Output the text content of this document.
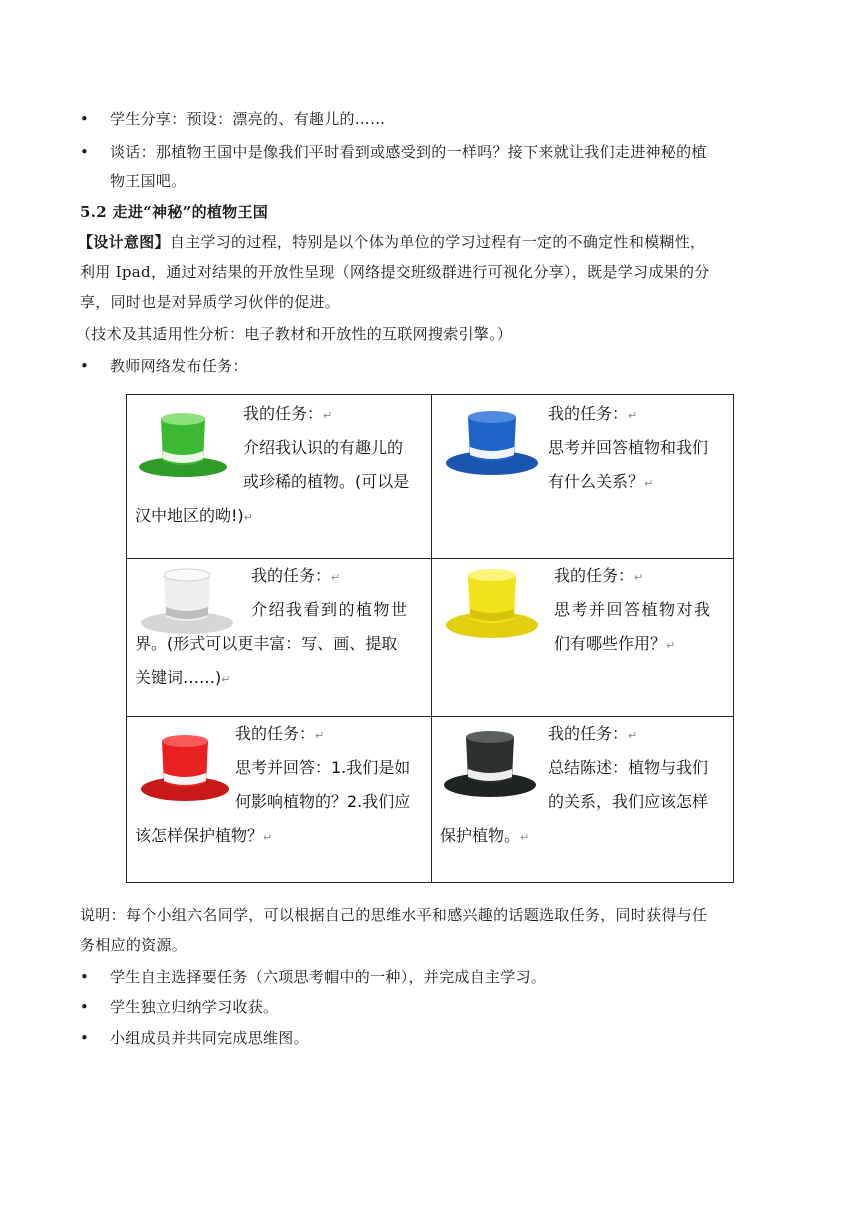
• 学生分享：预设：漂亮的、有趣儿的……
• 谈话：那植物王国中是像我们平时看到或感受到的一样吗？接下来就让我们走进神秘的植
物王国吧。
5.2 走进“神秘”的植物王国
【设计意图】自主学习的过程，特别是以个体为单位的学习过程有一定的不确定性和模糊性，
利用 Ipad，通过对结果的开放性呈现（网络提交班级群进行可视化分享），既是学习成果的分
享，同时也是对异质学习伙伴的促进。
（技术及其适用性分析：电子教材和开放性的互联网搜索引擎。）
• 教师网络发布任务：
我的任务：↵
介绍我认识的有趣儿的
或珍稀的植物。(可以是
汉中地区的呦!)↵
我的任务：↵
思考并回答植物和我们
有什么关系？↵
我的任务：↵
介绍我看到的植物世
界。(形式可以更丰富：写、画、提取
关键词……)↵
我的任务：↵
思考并回答植物对我
们有哪些作用？↵
我的任务：↵
思考并回答：1.我们是如
何影响植物的？2.我们应
该怎样保护植物？↵
我的任务：↵
总结陈述：植物与我们
的关系，我们应该怎样
保护植物。↵
说明：每个小组六名同学，可以根据自己的思维水平和感兴趣的话题选取任务，同时获得与任
务相应的资源。
• 学生自主选择要任务（六项思考帽中的一种），并完成自主学习。
• 学生独立归纳学习收获。
• 小组成员并共同完成思维图。
